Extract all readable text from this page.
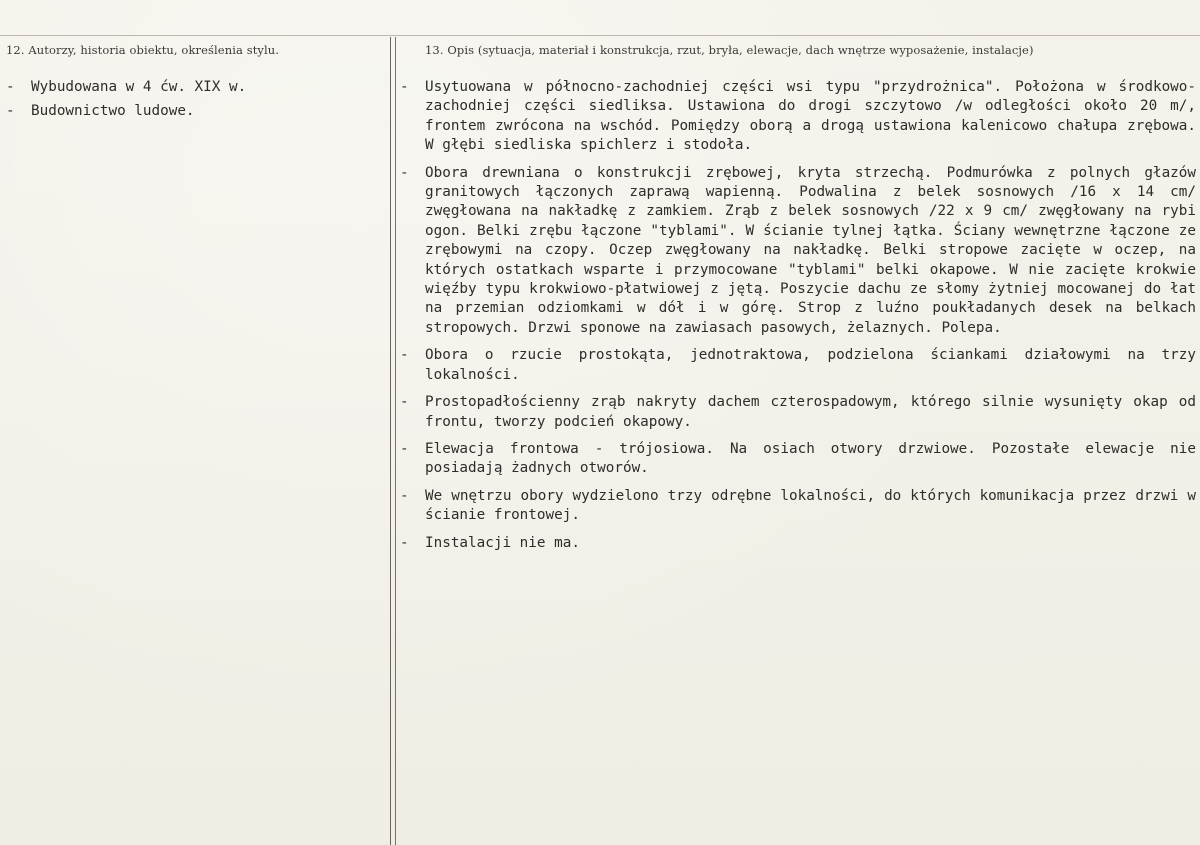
12. Autorzy, historia obiektu, określenia stylu.	13. Opis (sytuacja, materiał i konstrukcja, rzut, bryła, elewacje, dach wnętrze wyposażenie, instalacje)
-	Wybudowana w 4 ćw. XIX w.
-	Budownictwo ludowe.
-	Usytuowana w północno-zachodniej części wsi typu "przydrożnica". Położona w środkowo-zachodniej części siedliksa. Ustawiona do drogi szczytowo /w odległości około 20 m/, frontem zwrócona na wschód. Pomiędzy oborą a drogą ustawiona kalenicowo chałupa zrębowa. W głębi siedliska spichlerz i stodoła.
-	Obora drewniana o konstrukcji zrębowej, kryta strzechą. Podmurówka z polnych głazów granitowych łączonych zaprawą wapienną. Podwalina z belek sosnowych /16 x 14 cm/ zwęgłowana na nakładkę z zamkiem. Zrąb z belek sosnowych /22 x 9 cm/ zwęgłowany na rybi ogon. Belki zrębu łączone "tyblami". W ścianie tylnej łątka. Ściany wewnętrzne łączone ze zrębowymi na czopy. Oczep zwęgłowany na nakładkę. Belki stropowe zacięte w oczep, na których ostatkach wsparte i przymocowane "tyblami" belki okapowe. W nie zacięte krokwie więźby typu krokwiowo-płatwiowej z jętą. Poszycie dachu ze słomy żytniej mocowanej do łat na przemian odziomkami w dół i w górę. Strop z luźno poukładanych desek na belkach stropowych. Drzwi sponowe na zawiasach pasowych, żelaznych. Polepa.
-	Obora o rzucie prostokąta, jednotraktowa, podzielona ściankami działowymi na trzy lokalności.
-	Prostopadłościenny zrąb nakryty dachem czterospadowym, którego silnie wysunięty okap od frontu, tworzy podcień okapowy.
-	Elewacja frontowa - trójosiowa. Na osiach otwory drzwiowe. Pozostałe elewacje nie posiadają żadnych otworów.
-	We wnętrzu obory wydzielono trzy odrębne lokalności, do których komunikacja przez drzwi w ścianie frontowej.
-	Instalacji nie ma.
